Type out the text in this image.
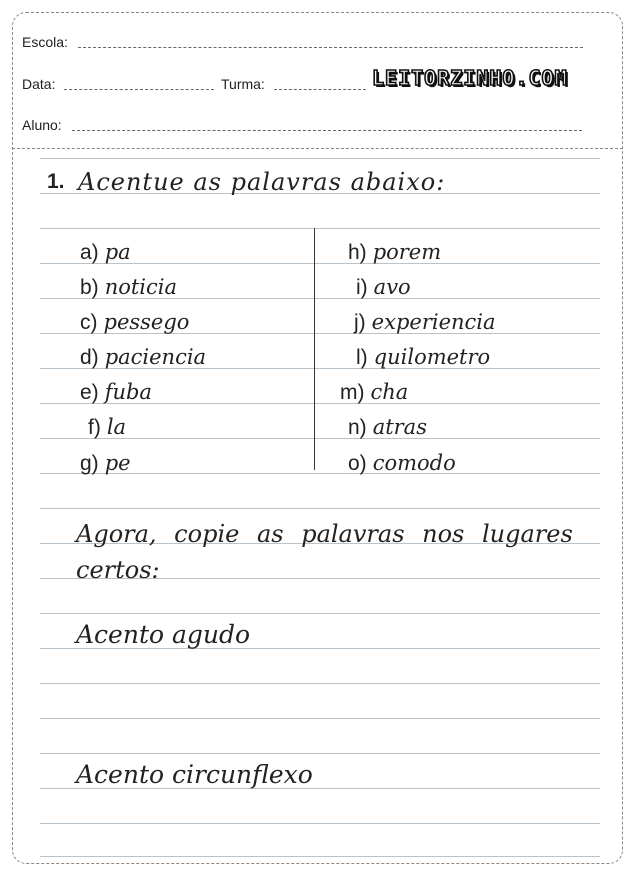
Escola:
Data:	Turma:	LEITORZINHO.COM
Aluno:
1. Acentue as palavras abaixo:
a) pa
b) noticia
c) pessego
d) paciencia
e) fuba
f) la
g) pe
h) porem
i) avo
j) experiencia
l) quilometro
m) cha
n) atras
o) comodo
Agora, copie as palavras nos lugares certos:
Acento agudo
Acento circunflexo
